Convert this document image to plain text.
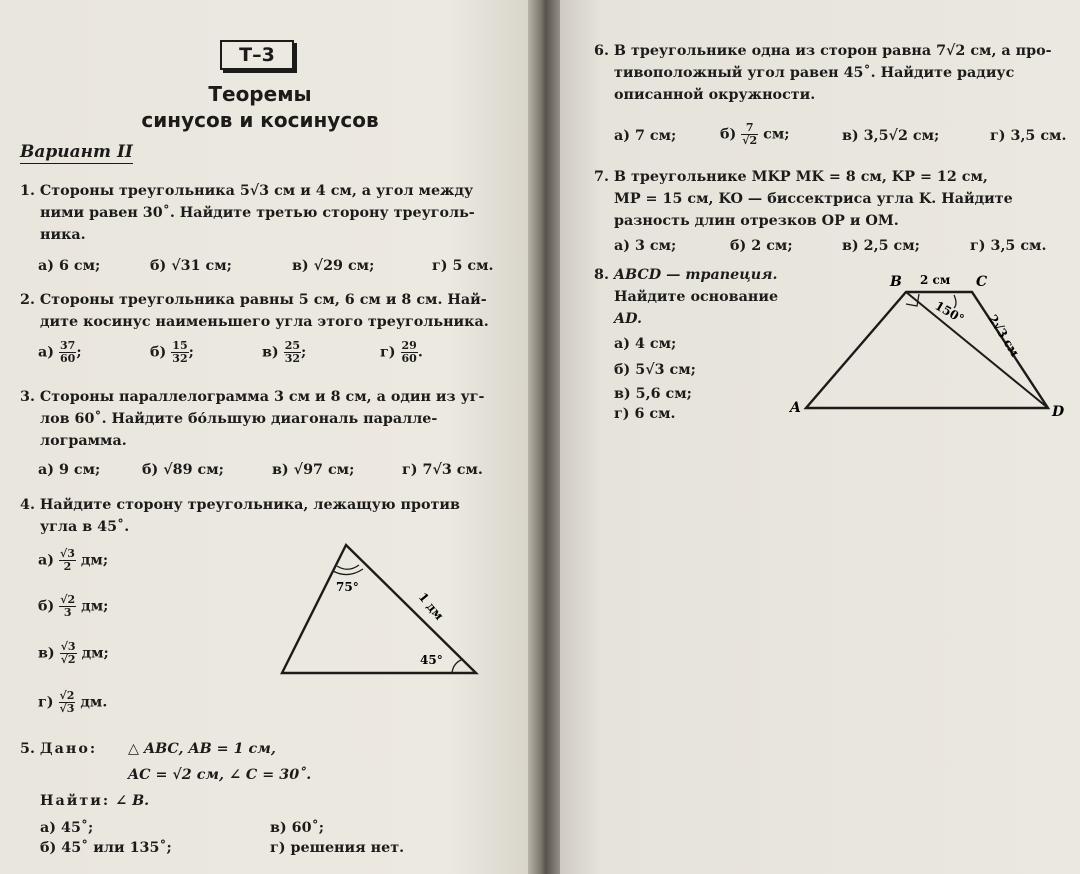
Т–3
Теоремы
синусов и косинусов
Вариант II
1. Стороны треугольника 5√3 см и 4 см, а угол между
ними равен 30˚. Найдите третью сторону треуголь-
ника.
а) 6 см;	б) √31 см;	в) √29 см;	г) 5 см.
2. Стороны треугольника равны 5 см, 6 см и 8 см. Най-
дите косинус наименьшего угла этого треугольника.
$а) \frac{37}{60}$ ;	$б) \frac{15}{32}$ ;	$в) \frac{25}{32}$ ;	$г) \frac{29}{60}$ .
3. Стороны параллелограмма 3 см и 8 см, а один из уг-
лов 60˚. Найдите бо́льшую диагональ паралле-
лограмма.
а) 9 см;	б) √89 см;	в) √97 см;	г) 7√3 см.
4. Найдите сторону треугольника, лежащую против
угла в 45˚.
$а) \frac{√3}{2}$ дм;
$б) \frac{√2}{3}$ дм;
$в) \frac{√3}{√2}$ дм;
$г) \frac{√2}{√3}$ дм.
75°
45°
1 дм
5. Дано:	△ ABC, AB = 1 см,
AC = √2 см, ∠ C = 30˚.
Найти: ∠ B.
а) 45˚;
б) 45˚ или 135˚;
в) 60˚;
г) решения нет.
6. В треугольнике одна из сторон равна 7√2 см, а про-
тивоположный угол равен 45˚. Найдите радиус
описанной окружности.
а) 7 см;	$б) \frac{7}{√2}$ см;	в) 3,5√2 см;	г) 3,5 см.
7. В треугольнике MKP MK = 8 см, KP = 12 см,
MP = 15 см, KO — биссектриса угла K. Найдите
разность длин отрезков OP и OM.
а) 3 см;	б) 2 см;	в) 2,5 см;	г) 3,5 см.
8. ABCD — трапеция.
Найдите основание
AD.
а) 4 см;
б) 5√3 см;
в) 5,6 см;
г) 6 см.	A
B	C
D
2 см
150° 2√3 см
